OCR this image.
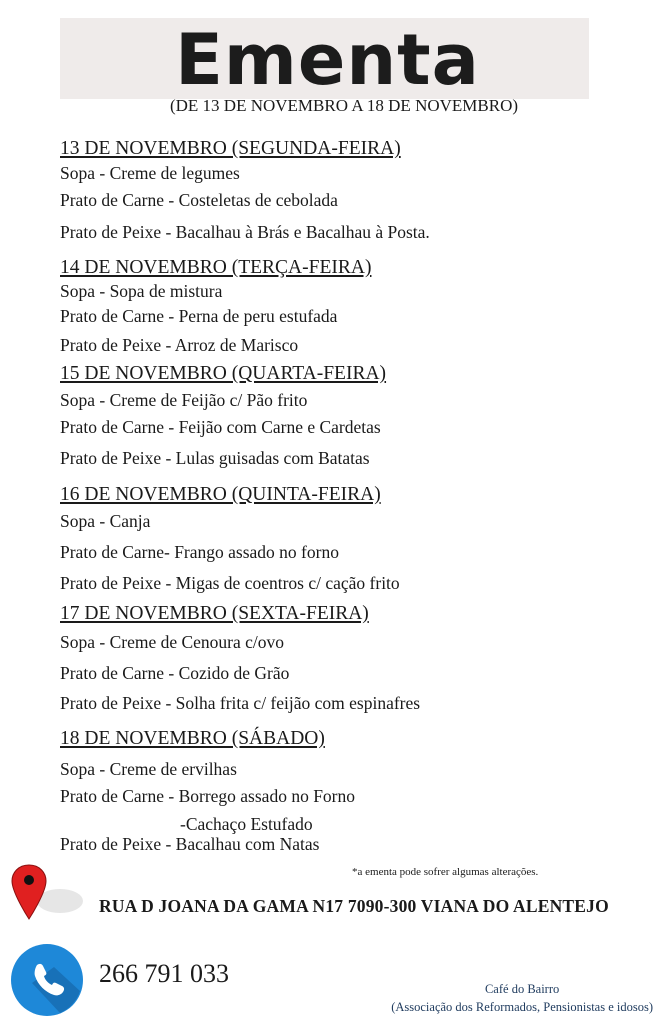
Ementa
(DE 13 DE NOVEMBRO A 18 DE NOVEMBRO)
13 DE NOVEMBRO (SEGUNDA-FEIRA)
Sopa - Creme de legumes
Prato de Carne - Costeletas de cebolada
Prato de Peixe - Bacalhau à Brás e Bacalhau à Posta.
14 DE NOVEMBRO (TERÇA-FEIRA)
Sopa - Sopa de mistura
Prato de Carne - Perna de peru estufada
Prato de Peixe - Arroz de Marisco
15 DE NOVEMBRO (QUARTA-FEIRA)
Sopa - Creme de Feijão c/ Pão frito
Prato de Carne - Feijão com Carne e Cardetas
Prato de Peixe - Lulas guisadas com Batatas
16 DE NOVEMBRO (QUINTA-FEIRA)
Sopa - Canja
Prato de Carne- Frango assado no forno
Prato de Peixe - Migas de coentros c/ cação frito
17 DE NOVEMBRO (SEXTA-FEIRA)
Sopa - Creme de Cenoura c/ovo
Prato de Carne - Cozido de Grão
Prato de Peixe - Solha frita c/ feijão com espinafres
18 DE NOVEMBRO (SÁBADO)
Sopa - Creme de ervilhas
Prato de Carne - Borrego assado no Forno
-Cachaço Estufado
Prato de Peixe - Bacalhau com Natas
RUA D JOANA DA GAMA N17 7090-300 VIANA DO ALENTEJO
*a ementa pode sofrer algumas alterações.
266 791 033
Café do Bairro
(Associação dos Reformados, Pensionistas e idosos)
